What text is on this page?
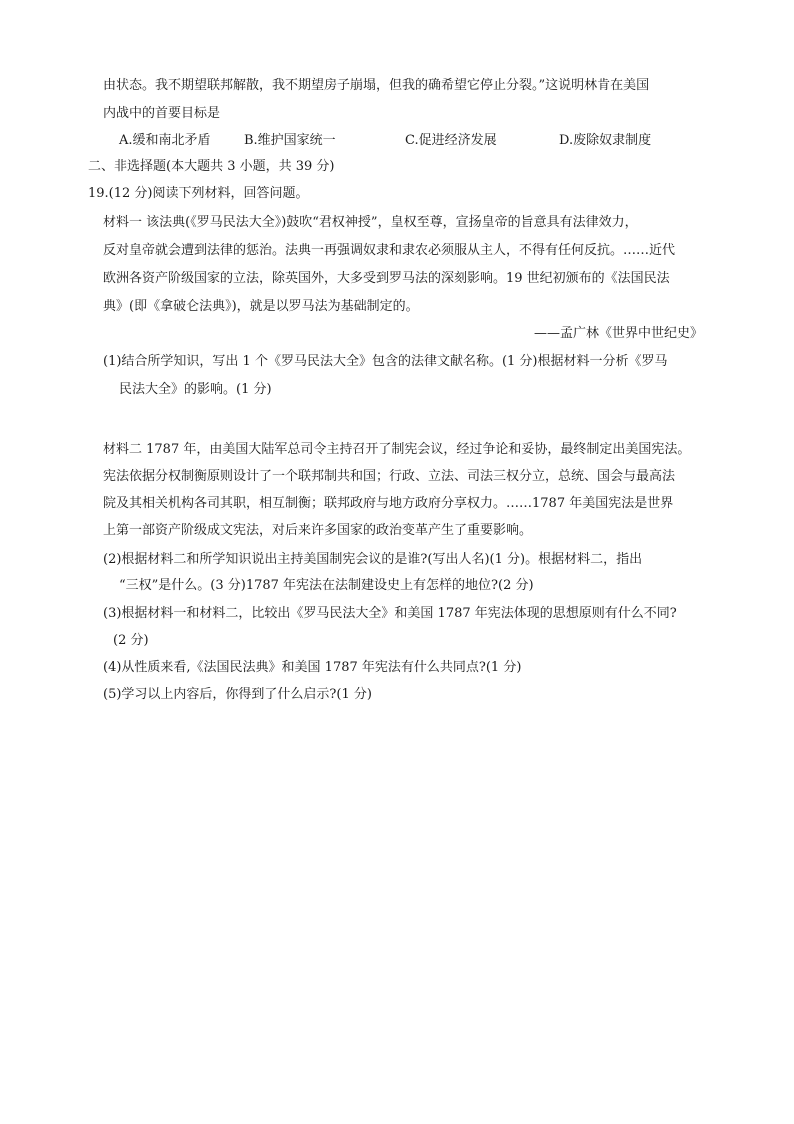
由状态。我不期望联邦解散，我不期望房子崩塌，但我的确希望它停止分裂。”这说明林肯在美国
内战中的首要目标是
A.缓和南北矛盾	B.维护国家统一	C.促进经济发展	D.废除奴隶制度
二、非选择题(本大题共 3 小题，共 39 分)
19.(12 分)阅读下列材料，回答问题。
材料一 该法典(《罗马民法大全》)鼓吹“君权神授”，皇权至尊，宣扬皇帝的旨意具有法律效力，
反对皇帝就会遭到法律的惩治。法典一再强调奴隶和隶农必须服从主人，不得有任何反抗。……近代
欧洲各资产阶级国家的立法，除英国外，大多受到罗马法的深刻影响。19 世纪初颁布的《法国民法
典》(即《拿破仑法典》)，就是以罗马法为基础制定的。
——孟广林《世界中世纪史》
(1)结合所学知识，写出 1 个《罗马民法大全》包含的法律文献名称。(1 分)根据材料一分析《罗马
民法大全》的影响。(1 分)
材料二 1787 年，由美国大陆军总司令主持召开了制宪会议，经过争论和妥协，最终制定出美国宪法。
宪法依据分权制衡原则设计了一个联邦制共和国；行政、立法、司法三权分立，总统、国会与最高法
院及其相关机构各司其职，相互制衡；联邦政府与地方政府分享权力。……1787 年美国宪法是世界
上第一部资产阶级成文宪法，对后来许多国家的政治变革产生了重要影响。
(2)根据材料二和所学知识说出主持美国制宪会议的是谁?(写出人名)(1 分)。根据材料二，指出
“三权”是什么。(3 分)1787 年宪法在法制建设史上有怎样的地位?(2 分)
(3)根据材料一和材料二，比较出《罗马民法大全》和美国 1787 年宪法体现的思想原则有什么不同?
(2 分)
(4)从性质来看,《法国民法典》和美国 1787 年宪法有什么共同点?(1 分)
(5)学习以上内容后，你得到了什么启示?(1 分)
